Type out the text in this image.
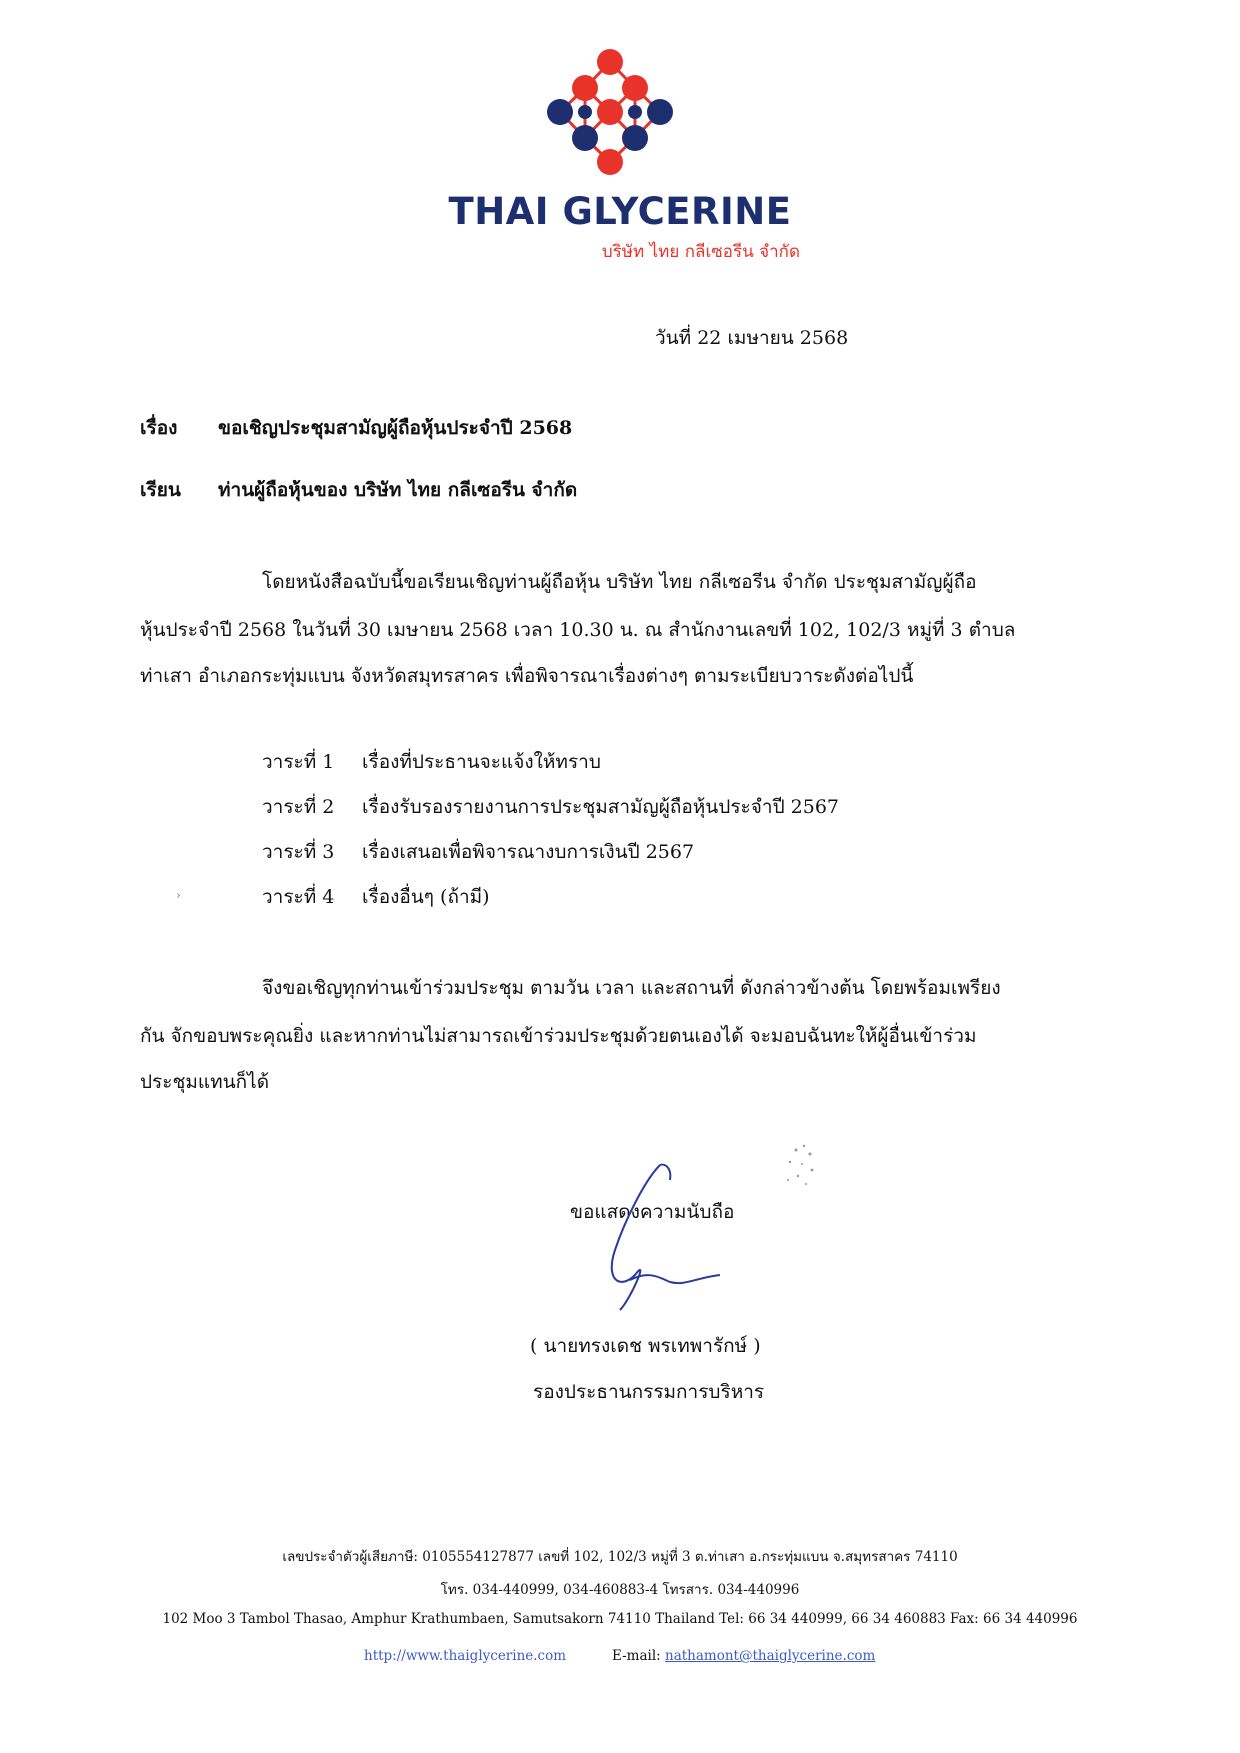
THAI GLYCERINE
บริษัท ไทย กลีเซอรีน จำกัด
วันที่ 22 เมษายน 2568
เรื่อง ขอเชิญประชุมสามัญผู้ถือหุ้นประจำปี 2568
เรียน ท่านผู้ถือหุ้นของ บริษัท ไทย กลีเซอรีน จำกัด
โดยหนังสือฉบับนี้ขอเรียนเชิญท่านผู้ถือหุ้น บริษัท ไทย กลีเซอรีน จำกัด ประชุมสามัญผู้ถือ
หุ้นประจำปี 2568 ในวันที่ 30 เมษายน 2568 เวลา 10.30 น. ณ สำนักงานเลขที่ 102, 102/3 หมู่ที่ 3 ตำบล
ท่าเสา อำเภอกระทุ่มแบน จังหวัดสมุทรสาคร เพื่อพิจารณาเรื่องต่างๆ ตามระเบียบวาระดังต่อไปนี้
วาระที่ 1 เรื่องที่ประธานจะแจ้งให้ทราบ
วาระที่ 2 เรื่องรับรองรายงานการประชุมสามัญผู้ถือหุ้นประจำปี 2567
วาระที่ 3 เรื่องเสนอเพื่อพิจารณางบการเงินปี 2567
วาระที่ 4 เรื่องอื่นๆ (ถ้ามี)
›
จึงขอเชิญทุกท่านเข้าร่วมประชุม ตามวัน เวลา และสถานที่ ดังกล่าวข้างต้น โดยพร้อมเพรียง
กัน จักขอบพระคุณยิ่ง และหากท่านไม่สามารถเข้าร่วมประชุมด้วยตนเองได้ จะมอบฉันทะให้ผู้อื่นเข้าร่วม
ประชุมแทนก็ได้
ขอแสดงความนับถือ
( นายทรงเดช พรเทพารักษ์ )
รองประธานกรรมการบริหาร
เลขประจำตัวผู้เสียภาษี: 0105554127877 เลขที่ 102, 102/3 หมู่ที่ 3 ต.ท่าเสา อ.กระทุ่มแบน จ.สมุทรสาคร 74110
โทร. 034-440999, 034-460883-4 โทรสาร. 034-440996
102 Moo 3 Tambol Thasao, Amphur Krathumbaen, Samutsakorn 74110 Thailand Tel: 66 34 440999, 66 34 460883 Fax: 66 34 440996
http://www.thaiglycerine.com	E-mail: nathamont@thaiglycerine.com
